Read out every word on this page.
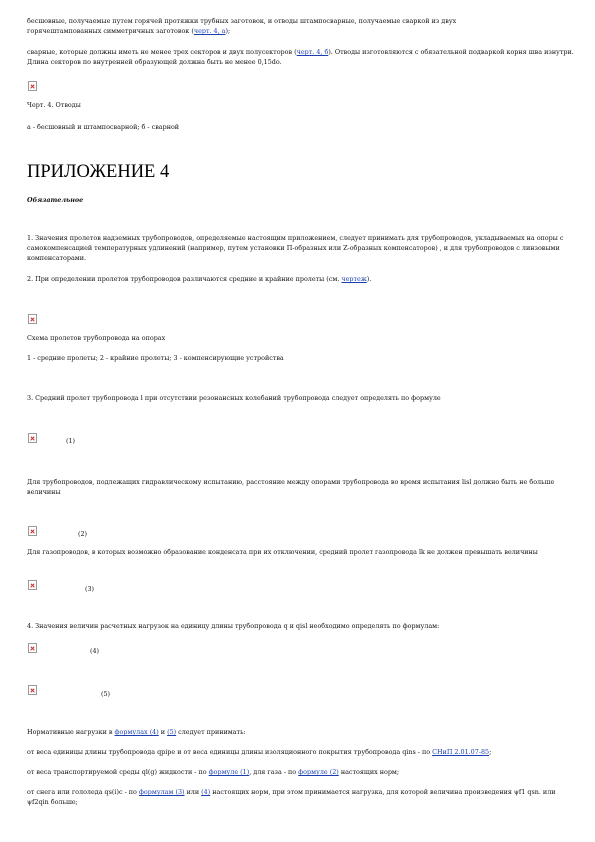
бесшовные, получаемые путем горячей протяжки трубных заготовок, и отводы штампосварные, получаемые сваркой из двух
горячештампованных симметричных заготовок (черт. 4, а);
сварные, которые должны иметь не менее трех секторов и двух полусекторов (черт. 4, б). Отводы изготовляются с обязательной подваркой корня шва изнутри. Длина секторов по внутренней образующей должна быть не менее 0,15do.
Черт. 4. Отводы
а - бесшовный и штампосварной; б - сварной
ПРИЛОЖЕНИЕ 4
Обязательное
1. Значения пролетов надземных трубопроводов, определяемые настоящим приложением, следует принимать для трубопроводов, укладываемых на опоры с самокомпенсацией температурных удлинений (например, путем установки П-образных или Z-образных компенсаторов) , и для трубопроводов с линзовыми компенсаторами.
2. При определении пролетов трубопроводов различаются средние и крайние пролеты (см. чертеж).
Схема пролетов трубопровода на опорах
1 - средние пролеты; 2 - крайние пролеты; 3 - компенсирующие устройства
3. Средний пролет трубопровода l при отсутствии резонансных колебаний трубопровода следует определять по формуле
(1)
Для трубопроводов, подлежащих гидравлическому испытанию, расстояние между опорами трубопровода во время испытания lisl должно быть не больше величины
(2)
Для газопроводов, в которых возможно образование конденсата при их отключении, средний пролет газопровода lk не должен превышать величины
(3)
4. Значения величин расчетных нагрузок на единицу длины трубопровода q и qisl необходимо определять по формулам:
(4)
(5)
Нормативные нагрузки в формулах (4) и (5) следует принимать:
от веса единицы длины трубопровода qpipe и от веса единицы длины изоляционного покрытия трубопровода qins - по СНиП 2.01.07-85;
от веса транспортируемой среды ql(g) жидкости - по формуле (1), для газа - по формуле (2) настоящих норм;
от снега или гололеда qs(i)c - по формулам (3) или (4) настоящих норм, при этом принимается нагрузка, для которой величина произведения ψf1 qsn. или ψf2qin больше;
